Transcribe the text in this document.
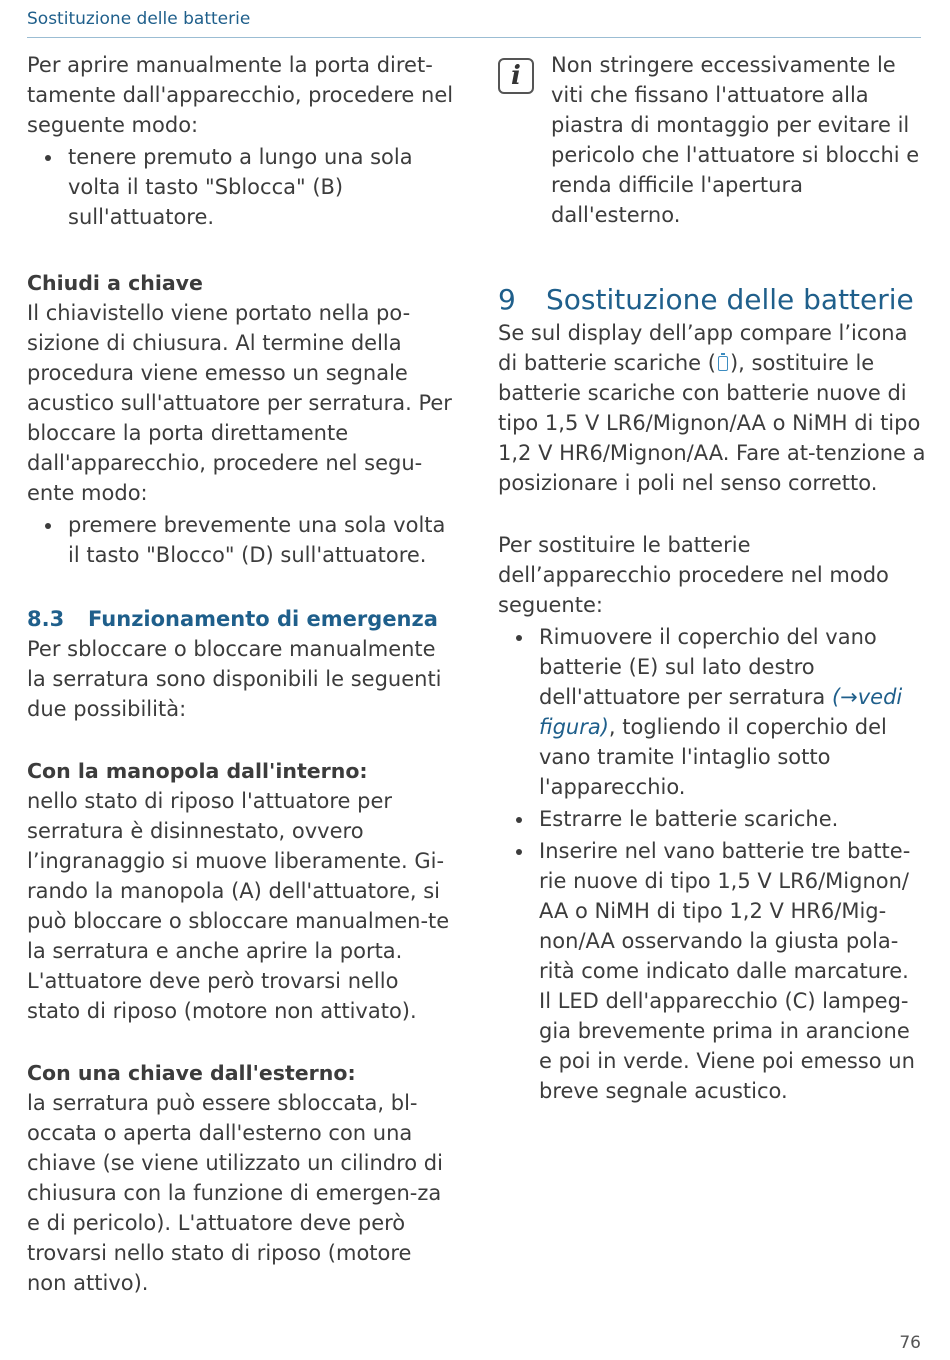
Sostituzione delle batterie

Per aprire manualmente la porta diret-tamente dall'apparecchio, procedere nel seguente modo:

tenere premuto a lungo una sola volta il tasto "Sblocca" (B) sull'attuatore.

Chiudi a chiave

Il chiavistello viene portato nella po-sizione di chiusura. Al termine della procedura viene emesso un segnale acustico sull'attuatore per serratura. Per bloccare la porta direttamente dall'apparecchio, procedere nel segu-ente modo:

premere brevemente una sola volta il tasto "Blocco" (D) sull'attuatore.

8.3 Funzionamento di emergenza

Per sbloccare o bloccare manualmente la serratura sono disponibili le seguenti due possibilità:

Con la manopola dall'interno:

nello stato di riposo l'attuatore per serratura è disinnestato, ovvero l’ingranaggio si muove liberamente. Gi-rando la manopola (A) dell'attuatore, si può bloccare o sbloccare manualmen-te la serratura e anche aprire la porta. L'attuatore deve però trovarsi nello stato di riposo (motore non attivato).

Con una chiave dall'esterno:

la serratura può essere sbloccata, bl-occata o aperta dall'esterno con una chiave (se viene utilizzato un cilindro di chiusura con la funzione di emergen-za e di pericolo). L'attuatore deve però trovarsi nello stato di riposo (motore non attivo).

i	Non stringere eccessivamente le viti che fissano l'attuatore alla piastra di montaggio per evitare il pericolo che l'attuatore si blocchi e renda difficile l'apertura dall'esterno.

9 Sostituzione delle batterie

Se sul display dell’app compare l’icona di batterie scariche ( ), sostituire le batterie scariche con batterie nuove di tipo 1,5 V LR6/Mignon/AA o NiMH di tipo 1,2 V HR6/Mignon/AA. Fare at-tenzione a posizionare i poli nel senso corretto.

Per sostituire le batterie dell’apparecchio procedere nel modo seguente:

Rimuovere il coperchio del vano batterie (E) sul lato destro dell'attuatore per serratura (→vedi figura), togliendo il coperchio del vano tramite l'intaglio sotto l'apparecchio.
Estrarre le batterie scariche.
Inserire nel vano batterie tre batte-rie nuove di tipo 1,5 V LR6/Mignon/ AA o NiMH di tipo 1,2 V HR6/Mig-non/AA osservando la giusta pola-rità come indicato dalle marcature. Il LED dell'apparecchio (C) lampeg-gia brevemente prima in arancione e poi in verde. Viene poi emesso un breve segnale acustico.
76
